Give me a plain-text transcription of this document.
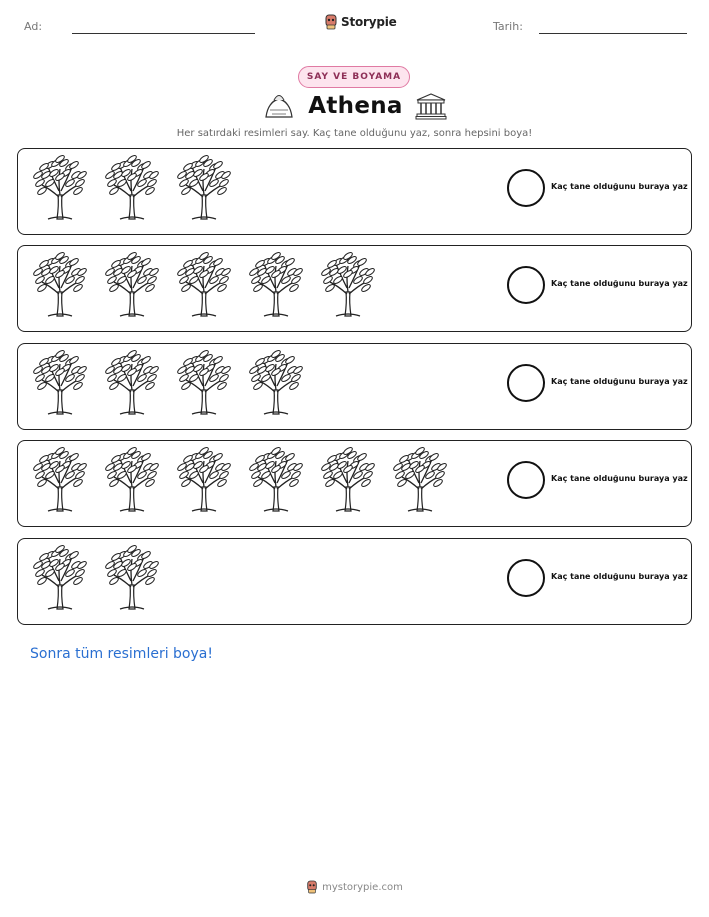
Ad:	Storypie	Tarih:
SAY VE BOYAMA
Athena
Her satırdaki resimleri say. Kaç tane olduğunu yaz, sonra hepsini boya!
Kaç tane olduğunu buraya yaz
Kaç tane olduğunu buraya yaz
Kaç tane olduğunu buraya yaz
Kaç tane olduğunu buraya yaz
Kaç tane olduğunu buraya yaz
Sonra tüm resimleri boya!
mystorypie.com
